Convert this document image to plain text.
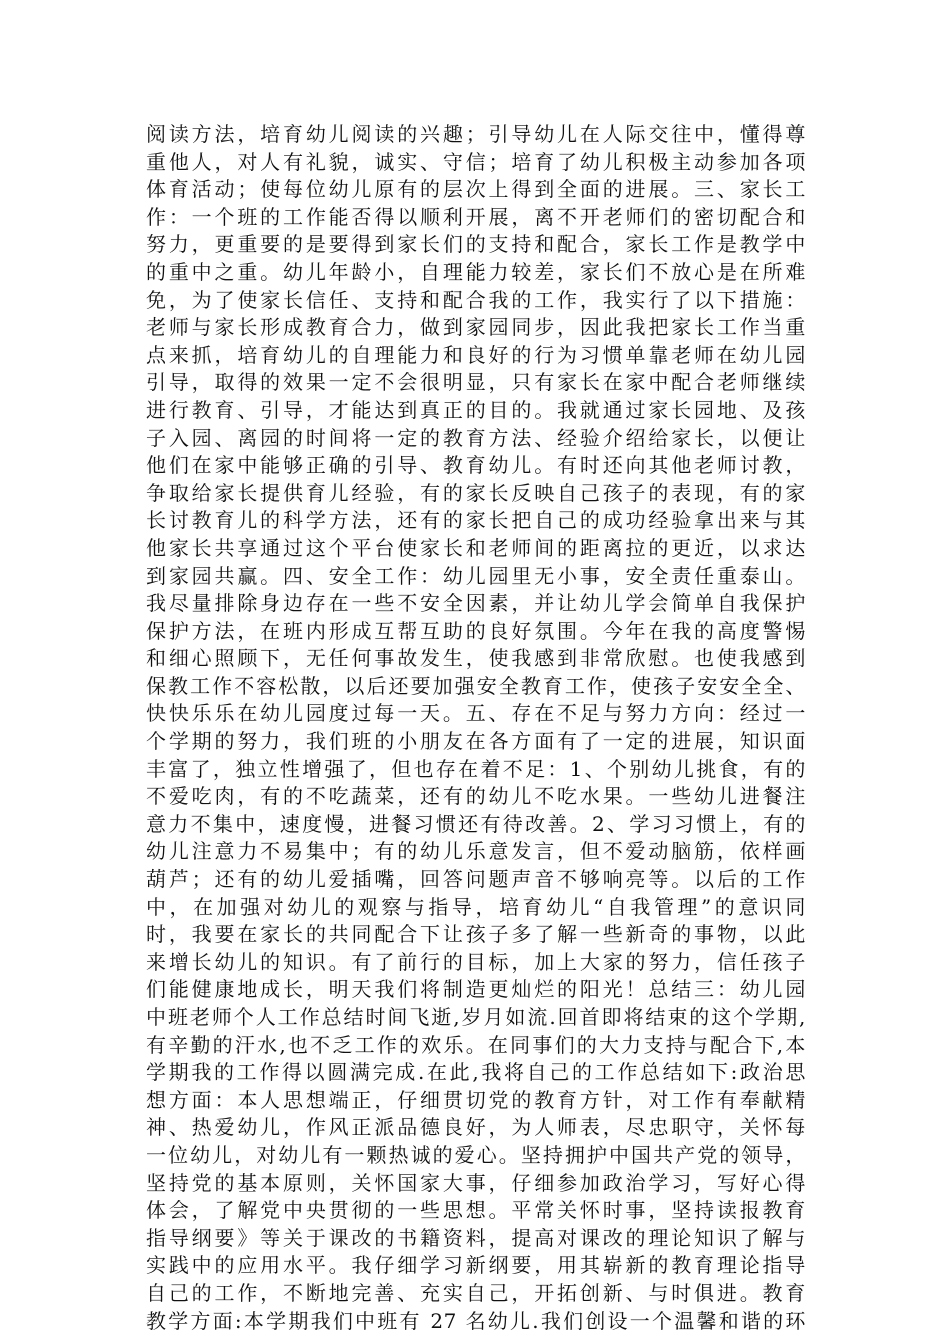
阅读方法，培育幼儿阅读的兴趣；引导幼儿在人际交往中，懂得尊
重他人，对人有礼貌，诚实、守信；培育了幼儿积极主动参加各项
体育活动；使每位幼儿原有的层次上得到全面的进展。三、家长工
作：一个班的工作能否得以顺利开展，离不开老师们的密切配合和
努力，更重要的是要得到家长们的支持和配合，家长工作是教学中
的重中之重。幼儿年龄小，自理能力较差，家长们不放心是在所难
免，为了使家长信任、支持和配合我的工作，我实行了以下措施：
老师与家长形成教育合力，做到家园同步，因此我把家长工作当重
点来抓，培育幼儿的自理能力和良好的行为习惯单靠老师在幼儿园
引导，取得的效果一定不会很明显，只有家长在家中配合老师继续
进行教育、引导，才能达到真正的目的。我就通过家长园地、及孩
子入园、离园的时间将一定的教育方法、经验介绍给家长，以便让
他们在家中能够正确的引导、教育幼儿。有时还向其他老师讨教，
争取给家长提供育儿经验，有的家长反映自己孩子的表现，有的家
长讨教育儿的科学方法，还有的家长把自己的成功经验拿出来与其
他家长共享通过这个平台使家长和老师间的距离拉的更近，以求达
到家园共赢。四、安全工作：幼儿园里无小事，安全责任重泰山。
我尽量排除身边存在一些不安全因素，并让幼儿学会简单自我保护
保护方法，在班内形成互帮互助的良好氛围。今年在我的高度警惕
和细心照顾下，无任何事故发生，使我感到非常欣慰。也使我感到
保教工作不容松散，以后还要加强安全教育工作，使孩子安安全全、
快快乐乐在幼儿园度过每一天。五、存在不足与努力方向：经过一
个学期的努力，我们班的小朋友在各方面有了一定的进展，知识面
丰富了，独立性增强了，但也存在着不足：1、个别幼儿挑食，有的
不爱吃肉，有的不吃蔬菜，还有的幼儿不吃水果。一些幼儿进餐注
意力不集中，速度慢，进餐习惯还有待改善。2、学习习惯上，有的
幼儿注意力不易集中；有的幼儿乐意发言，但不爱动脑筋，依样画
葫芦；还有的幼儿爱插嘴，回答问题声音不够响亮等。以后的工作
中，在加强对幼儿的观察与指导，培育幼儿“自我管理”的意识同
时，我要在家长的共同配合下让孩子多了解一些新奇的事物，以此
来增长幼儿的知识。有了前行的目标，加上大家的努力，信任孩子
们能健康地成长，明天我们将制造更灿烂的阳光！总结三：幼儿园
中班老师个人工作总结时间飞逝,岁月如流.回首即将结束的这个学期,
有辛勤的汗水,也不乏工作的欢乐。在同事们的大力支持与配合下,本
学期我的工作得以圆满完成.在此,我将自己的工作总结如下:政治思
想方面：本人思想端正，仔细贯切党的教育方针，对工作有奉献精
神、热爱幼儿，作风正派品德良好，为人师表，尽忠职守，关怀每
一位幼儿，对幼儿有一颗热诚的爱心。坚持拥护中国共产党的领导，
坚持党的基本原则，关怀国家大事，仔细参加政治学习，写好心得
体会，了解党中央贯彻的一些思想。平常关怀时事，坚持读报教育
指导纲要》等关于课改的书籍资料，提高对课改的理论知识了解与
实践中的应用水平。我仔细学习新纲要，用其崭新的教育理论指导
自己的工作，不断地完善、充实自己，开拓创新、与时俱进。教育
教学方面:本学期我们中班有 27 名幼儿.我们创设一个温馨和谐的环
